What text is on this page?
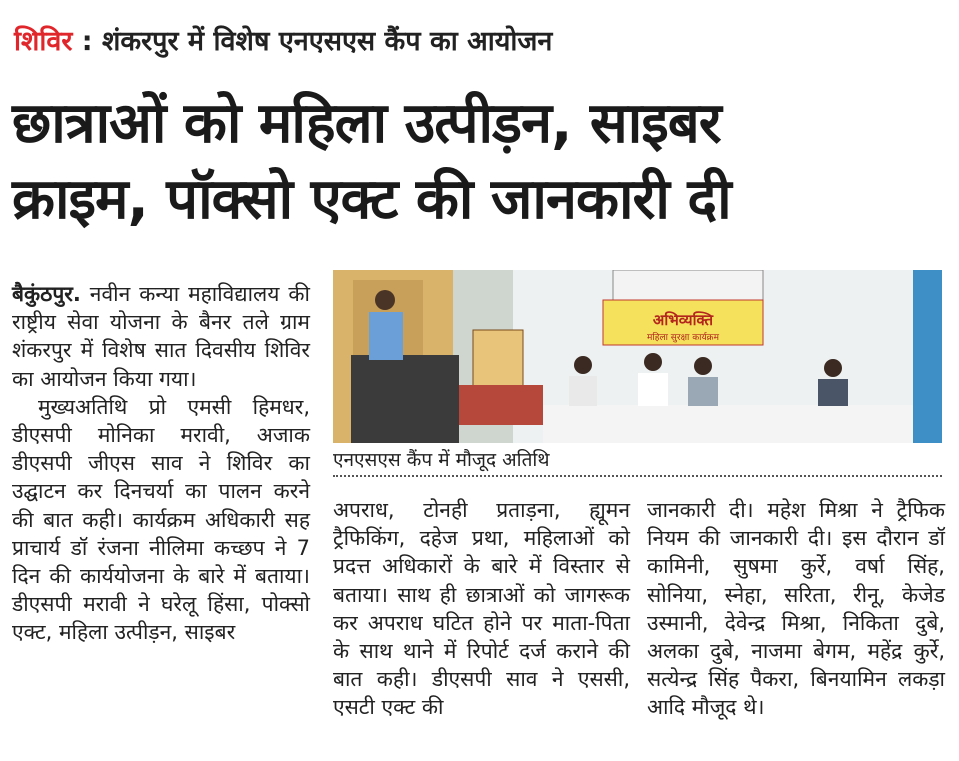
शिविर : शंकरपुर में विशेष एनएसएस कैंप का आयोजन
छात्राओं को महिला उत्पीड़न, साइबर
क्राइम, पॉक्सो एक्ट की जानकारी दी

बैकुंठपुर. नवीन कन्या महाविद्यालय की राष्ट्रीय सेवा योजना के बैनर तले ग्राम शंकरपुर में विशेष सात दिवसीय शिविर का आयोजन किया गया।

मुख्यअतिथि प्रो एमसी हिमधर, डीएसपी मोनिका मरावी, अजाक डीएसपी जीएस साव ने शिविर का उद्घाटन कर दिनचर्या का पालन करने की बात कही। कार्यक्रम अधिकारी सह प्राचार्य डॉ रंजना नीलिमा कच्छप ने 7 दिन की कार्ययोजना के बारे में बताया। डीएसपी मरावी ने घरेलू हिंसा, पोक्सो एक्ट, महिला उत्पीड़न, साइबर

अभिव्यक्ति
महिला सुरक्षा कार्यक्रम
एनएसएस कैंप में मौजूद अतिथि

अपराध, टोनही प्रताड़ना, ह्यूमन ट्रैफिकिंग, दहेज प्रथा, महिलाओं को प्रदत्त अधिकारों के बारे में विस्तार से बताया। साथ ही छात्राओं को जागरूक कर अपराध घटित होने पर माता-पिता के साथ थाने में रिपोर्ट दर्ज कराने की बात कही। डीएसपी साव ने एससी, एसटी एक्ट की

जानकारी दी। महेश मिश्रा ने ट्रैफिक नियम की जानकारी दी। इस दौरान डॉ कामिनी, सुषमा कुर्रे, वर्षा सिंह, सोनिया, स्नेहा, सरिता, रीनू, केजेड उस्मानी, देवेन्द्र मिश्रा, निकिता दुबे, अलका दुबे, नाजमा बेगम, महेंद्र कुर्रे, सत्येन्द्र सिंह पैकरा, बिनयामिन लकड़ा आदि मौजूद थे।
